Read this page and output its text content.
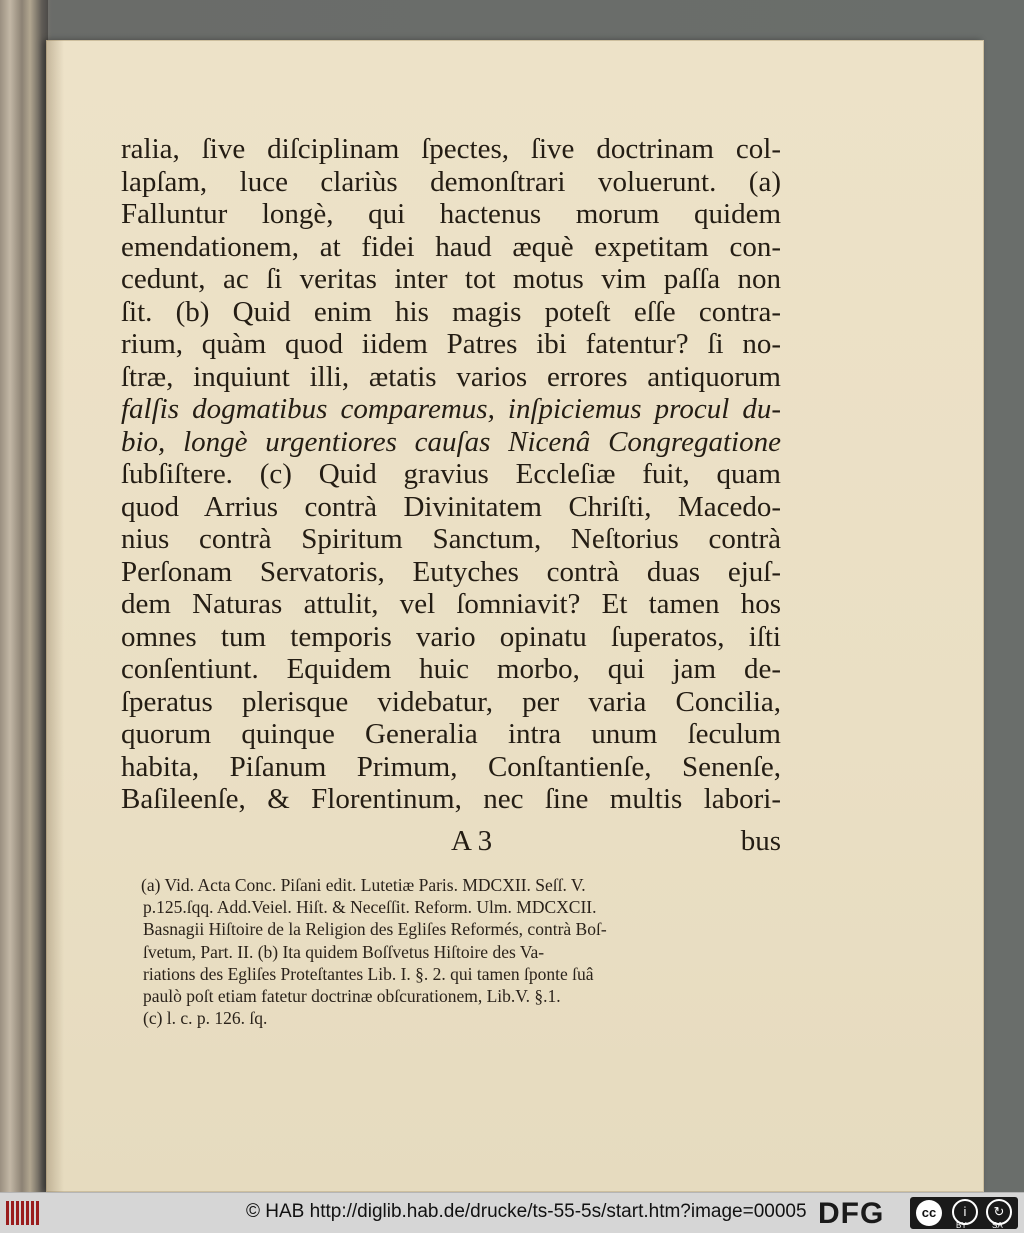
ralia, ſive diſciplinam ſpectes, ſive doctrinam col-
lapſam, luce clariùs demonſtrari voluerunt. (a)
Falluntur longè, qui hactenus morum quidem
emendationem, at fidei haud æquè expetitam con-
cedunt, ac ſi veritas inter tot motus vim paſſa non
ſit. (b) Quid enim his magis poteſt eſſe contra-
rium, quàm quod iidem Patres ibi fatentur? ſi no-
ſtræ, inquiunt illi, ætatis varios errores antiquorum
falſis dogmatibus comparemus, inſpiciemus procul du-
bio, longè urgentiores cauſas Nicenâ Congregatione
ſubſiſtere. (c) Quid gravius Eccleſiæ fuit, quam
quod Arrius contrà Divinitatem Chriſti, Macedo-
nius contrà Spiritum Sanctum, Neſtorius contrà
Perſonam Servatoris, Eutyches contrà duas ejuſ-
dem Naturas attulit, vel ſomniavit? Et tamen hos
omnes tum temporis vario opinatu ſuperatos, iſti
conſentiunt. Equidem huic morbo, qui jam de-
ſperatus plerisque videbatur, per varia Concilia,
quorum quinque Generalia intra unum ſeculum
habita, Piſanum Primum, Conſtantienſe, Senenſe,
Baſileenſe, & Florentinum, nec ſine multis labori-
A 3	bus
(a) Vid. Acta Conc. Piſani edit. Lutetiæ Paris. MDCXII. Seſſ. V.
p.125.ſqq. Add.Veiel. Hiſt. & Neceſſit. Reform. Ulm. MDCXCII.
Basnagii Hiſtoire de la Religion des Egliſes Reformés, contrà Boſ-
ſvetum, Part. II. (b) Ita quidem Boſſvetus Hiſtoire des Va-
riations des Egliſes Proteſtantes Lib. I. §. 2. qui tamen ſponte ſuâ
paulò poſt etiam fatetur doctrinæ obſcurationem, Lib.V. §.1.
(c) l. c. p. 126. ſq.
© HAB http://diglib.hab.de/drucke/ts-55-5s/start.htm?image=00005 DFG	cc	i	↻
BY	SA
